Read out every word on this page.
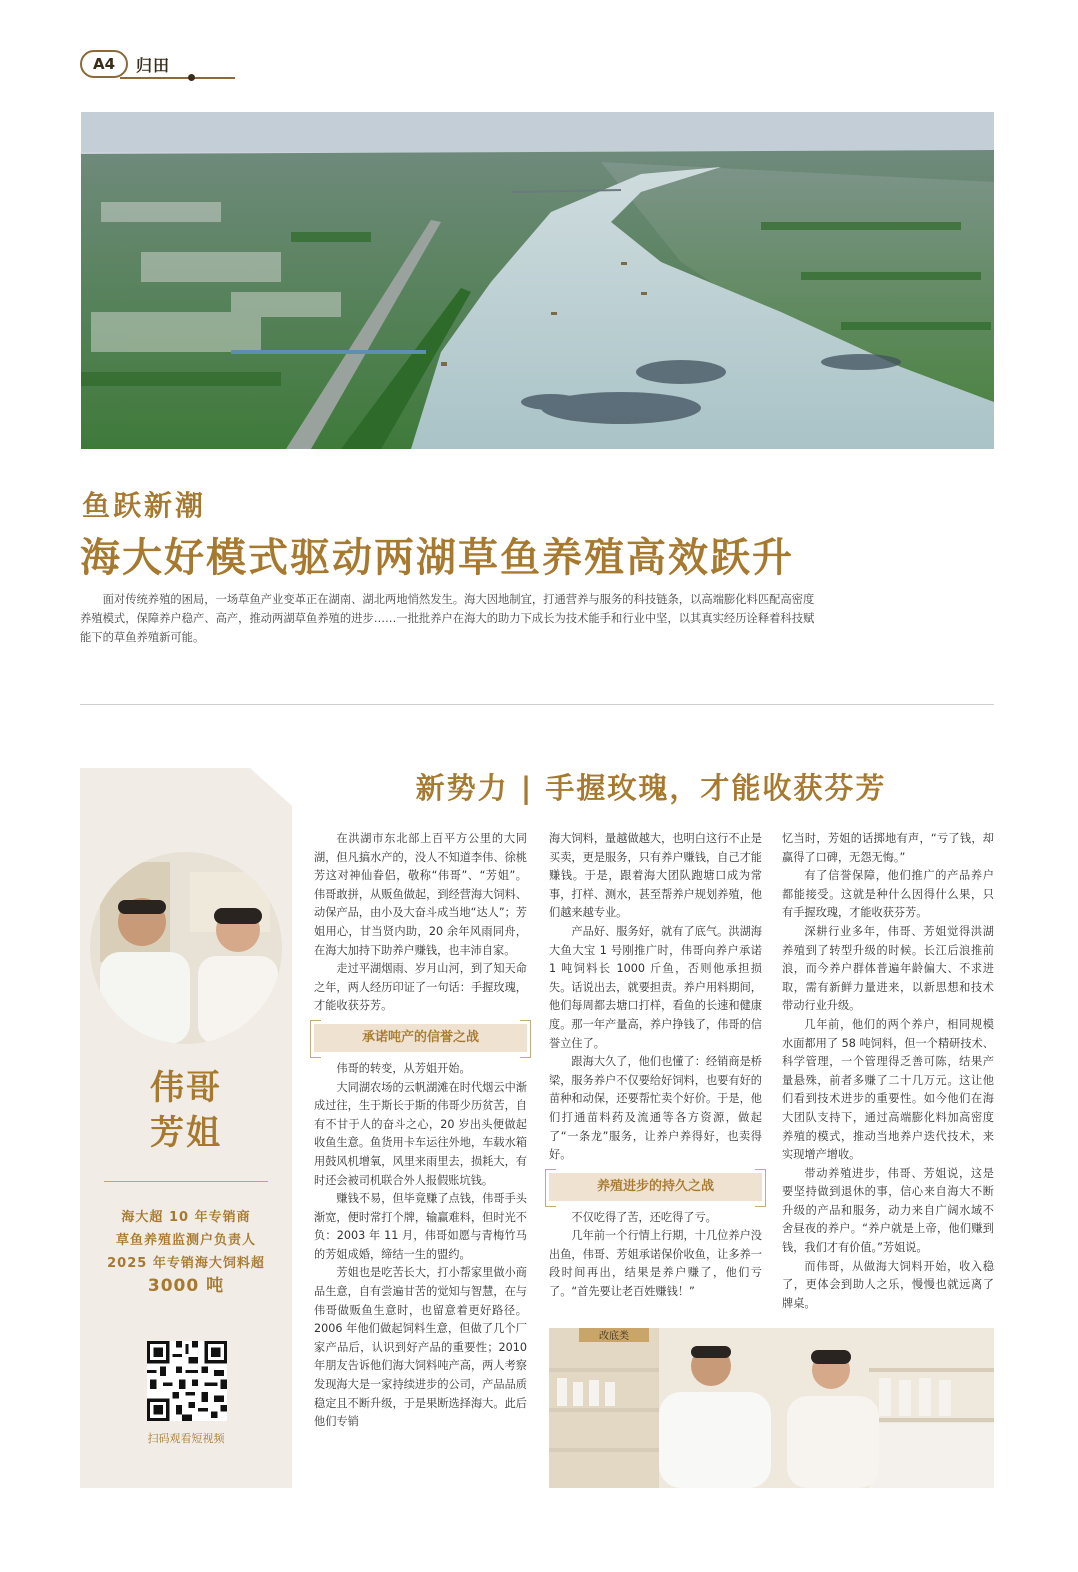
A4	归田
鱼跃新潮
海大好模式驱动两湖草鱼养殖高效跃升

面对传统养殖的困局，一场草鱼产业变革正在湖南、湖北两地悄然发生。海大因地制宜，打通营养与服务的科技链条，以高端膨化料匹配高密度养殖模式，保障养户稳产、高产，推动两湖草鱼养殖的进步……一批批养户在海大的助力下成长为技术能手和行业中坚，以其真实经历诠释着科技赋能下的草鱼养殖新可能。

伟哥
芳姐
海大超 10 年专销商
草鱼养殖监测户负责人
2025 年专销海大饲料超
3000 吨
扫码观看短视频
新势力 | 手握玫瑰，才能收获芬芳

在洪湖市东北部上百平方公里的大同湖，但凡搞水产的，没人不知道李伟、徐桃芳这对神仙眷侣，敬称“伟哥”、“芳姐”。伟哥敢拼，从贩鱼做起，到经营海大饲料、动保产品，由小及大奋斗成当地“达人”；芳姐用心，甘当贤内助，20 余年风雨同舟，在海大加持下助养户赚钱，也丰沛自家。

走过平湖烟雨、岁月山河，到了知天命之年，两人经历印证了一句话：手握玫瑰，才能收获芬芳。

承诺吨产的信誉之战

伟哥的转变，从芳姐开始。

大同湖农场的云帆湖滩在时代烟云中渐成过往，生于斯长于斯的伟哥少历贫苦，自有不甘于人的奋斗之心，20 岁出头便做起收鱼生意。鱼货用卡车运往外地，车载水箱用鼓风机增氧，风里来雨里去，损耗大，有时还会被司机联合外人报假账坑钱。

赚钱不易，但毕竟赚了点钱，伟哥手头渐宽，便时常打个牌，输赢难料，但时光不负：2003 年 11 月，伟哥如愿与青梅竹马的芳姐成婚，缔结一生的盟约。

芳姐也是吃苦长大，打小帮家里做小商品生意，自有尝遍甘苦的觉知与智慧，在与伟哥做贩鱼生意时，也留意着更好路径。2006 年他们做起饲料生意，但做了几个厂家产品后，认识到好产品的重要性；2010 年朋友告诉他们海大饲料吨产高，两人考察发现海大是一家持续进步的公司，产品品质稳定且不断升级，于是果断选择海大。此后他们专销

海大饲料，量越做越大，也明白这行不止是买卖，更是服务，只有养户赚钱，自己才能赚钱。于是，跟着海大团队跑塘口成为常事，打样、测水，甚至帮养户规划养殖，他们越来越专业。

产品好、服务好，就有了底气。洪湖海大鱼大宝 1 号刚推广时，伟哥向养户承诺 1 吨饲料长 1000 斤鱼，否则他承担损失。话说出去，就要担责。养户用料期间，他们每周都去塘口打样，看鱼的长速和健康度。那一年产量高，养户挣钱了，伟哥的信誉立住了。

跟海大久了，他们也懂了：经销商是桥梁，服务养户不仅要给好饲料，也要有好的苗种和动保，还要帮忙卖个好价。于是，他们打通苗料药及流通等各方资源，做起了“一条龙”服务，让养户养得好，也卖得好。

养殖进步的持久之战

不仅吃得了苦，还吃得了亏。

几年前一个行情上行期，十几位养户没出鱼，伟哥、芳姐承诺保价收鱼，让多养一段时间再出，结果是养户赚了，他们亏了。“首先要让老百姓赚钱！”

忆当时，芳姐的话掷地有声，“亏了钱，却赢得了口碑，无怨无悔。”

有了信誉保障，他们推广的产品养户都能接受。这就是种什么因得什么果，只有手握玫瑰，才能收获芬芳。

深耕行业多年，伟哥、芳姐觉得洪湖养殖到了转型升级的时候。长江后浪推前浪，而今养户群体普遍年龄偏大、不求进取，需有新鲜力量进来，以新思想和技术带动行业升级。

几年前，他们的两个养户，相同规模水面都用了 58 吨饲料，但一个精研技术、科学管理，一个管理得乏善可陈，结果产量悬殊，前者多赚了二十几万元。这让他们看到技术进步的重要性。如今他们在海大团队支持下，通过高端膨化料加高密度养殖的模式，推动当地养户迭代技术，来实现增产增收。

带动养殖进步，伟哥、芳姐说，这是要坚持做到退休的事，信心来自海大不断升级的产品和服务，动力来自广阔水域不舍昼夜的养户。“养户就是上帝，他们赚到钱，我们才有价值。”芳姐说。

而伟哥，从做海大饲料开始，收入稳了，更体会到助人之乐，慢慢也就远离了牌桌。

改底类
